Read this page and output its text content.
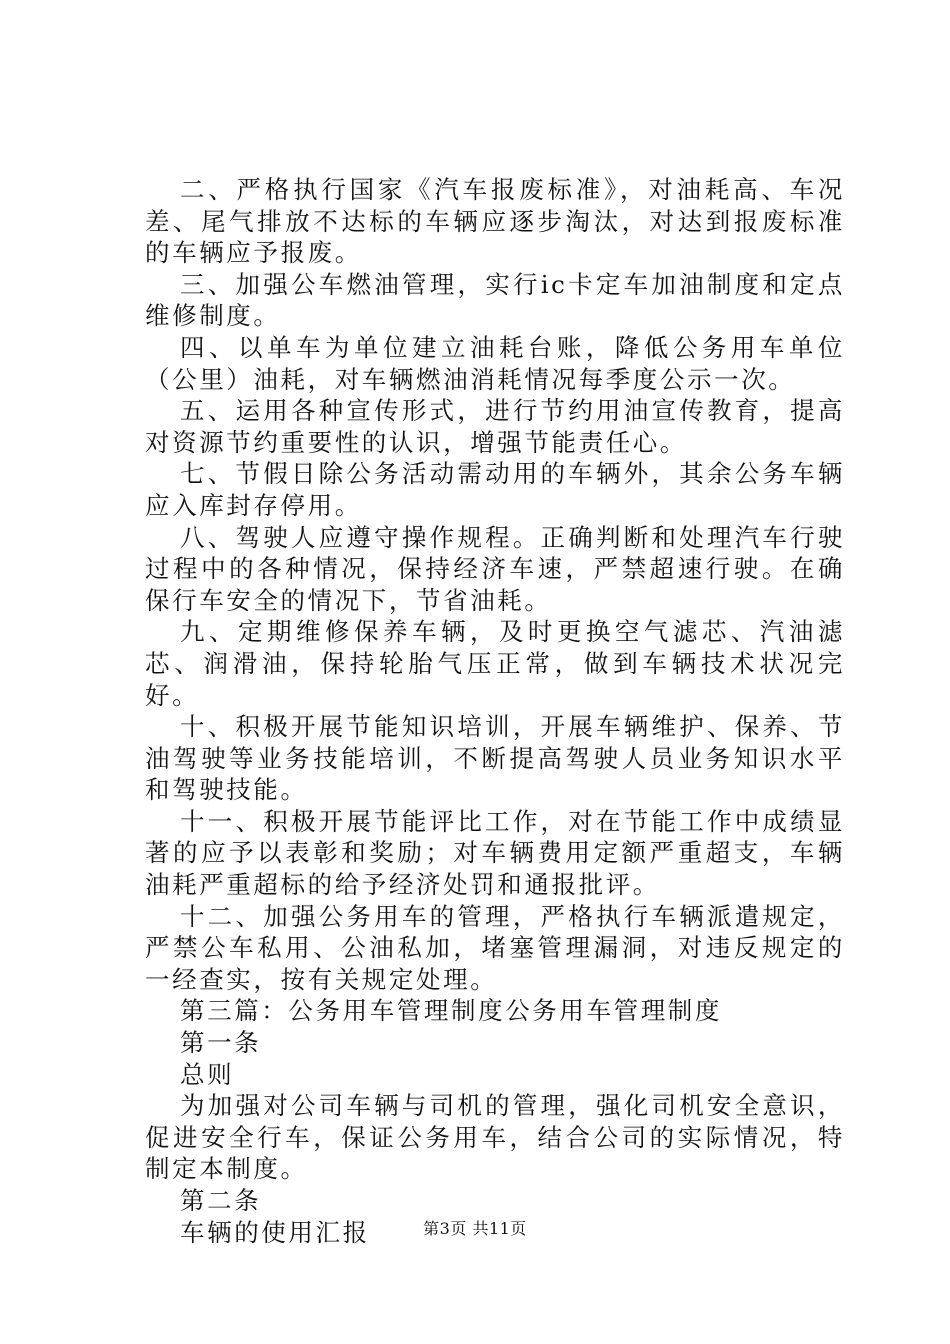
二、严格执行国家《汽车报废标准》，对油耗高、车况差、尾气排放不达标的车辆应逐步淘汰，对达到报废标准的车辆应予报废。

三、加强公车燃油管理，实行ic卡定车加油制度和定点维修制度。

四、以单车为单位建立油耗台账，降低公务用车单位（公里）油耗，对车辆燃油消耗情况每季度公示一次。

五、运用各种宣传形式，进行节约用油宣传教育，提高对资源节约重要性的认识，增强节能责任心。

七、节假日除公务活动需动用的车辆外，其余公务车辆应入库封存停用。

八、驾驶人应遵守操作规程。正确判断和处理汽车行驶过程中的各种情况，保持经济车速，严禁超速行驶。在确保行车安全的情况下，节省油耗。

九、定期维修保养车辆，及时更换空气滤芯、汽油滤芯、润滑油，保持轮胎气压正常，做到车辆技术状况完好。

十、积极开展节能知识培训，开展车辆维护、保养、节油驾驶等业务技能培训，不断提高驾驶人员业务知识水平和驾驶技能。

十一、积极开展节能评比工作，对在节能工作中成绩显著的应予以表彰和奖励；对车辆费用定额严重超支，车辆油耗严重超标的给予经济处罚和通报批评。

十二、加强公务用车的管理，严格执行车辆派遣规定，严禁公车私用、公油私加，堵塞管理漏洞，对违反规定的一经查实，按有关规定处理。

第三篇：公务用车管理制度公务用车管理制度

第一条

总则

为加强对公司车辆与司机的管理，强化司机安全意识，促进安全行车，保证公务用车，结合公司的实际情况，特制定本制度。

第二条

车辆的使用汇报	第3页 共11页
